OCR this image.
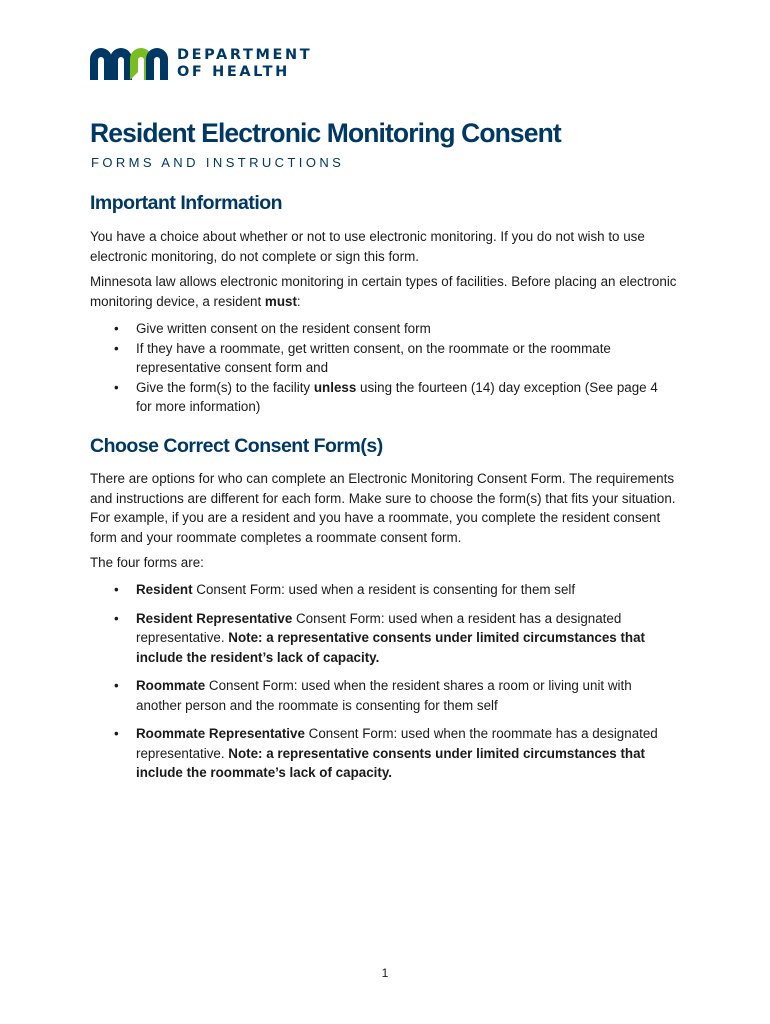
DEPARTMENT
OF HEALTH
Resident Electronic Monitoring Consent
FORMS AND INSTRUCTIONS
Important Information

You have a choice about whether or not to use electronic monitoring. If you do not wish to use electronic monitoring, do not complete or sign this form.

Minnesota law allows electronic monitoring in certain types of facilities. Before placing an electronic monitoring device, a resident must:

• Give written consent on the resident consent form
• If they have a roommate, get written consent, on the roommate or the roommate representative consent form and
• Give the form(s) to the facility unless using the fourteen (14) day exception (See page 4 for more information)
Choose Correct Consent Form(s)

There are options for who can complete an Electronic Monitoring Consent Form. The requirements and instructions are different for each form. Make sure to choose the form(s) that fits your situation. For example, if you are a resident and you have a roommate, you complete the resident consent form and your roommate completes a roommate consent form.

The four forms are:

• Resident Consent Form: used when a resident is consenting for them self
• Resident Representative Consent Form: used when a resident has a designated representative. Note: a representative consents under limited circumstances that include the resident’s lack of capacity.
• Roommate Consent Form: used when the resident shares a room or living unit with another person and the roommate is consenting for them self
• Roommate Representative Consent Form: used when the roommate has a designated representative. Note: a representative consents under limited circumstances that include the roommate’s lack of capacity.
1
